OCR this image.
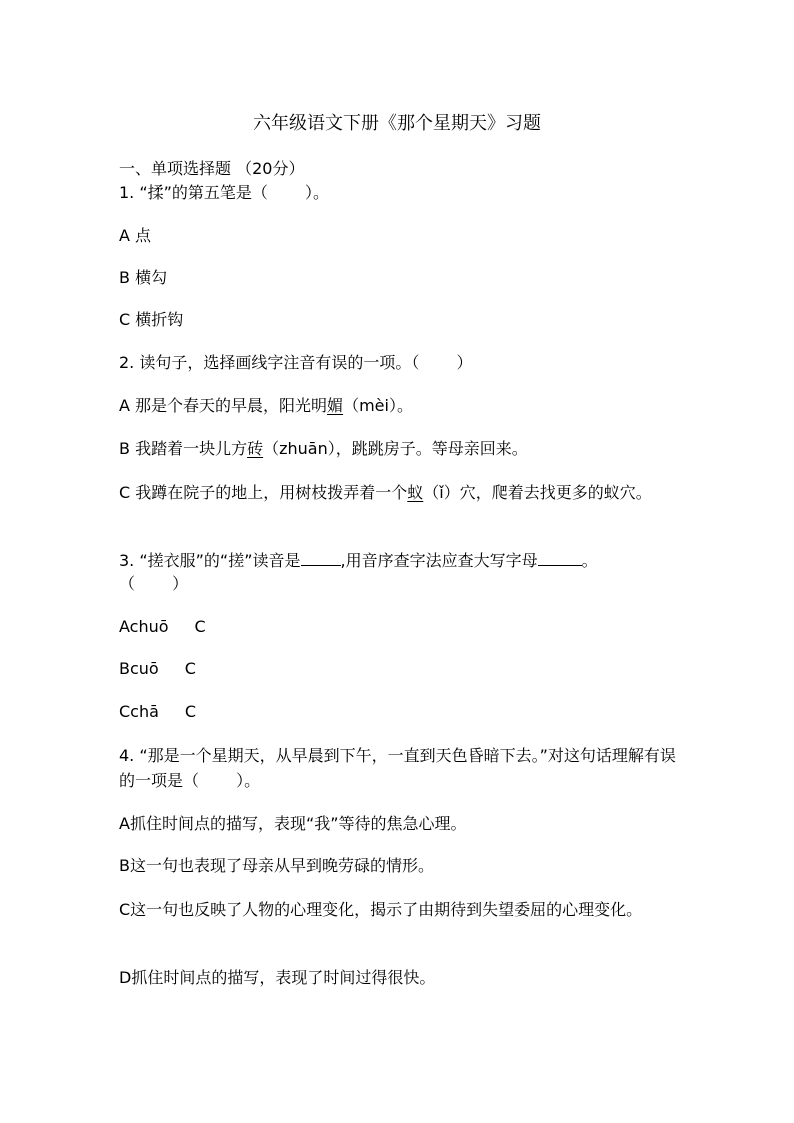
六年级语文下册《那个星期天》习题
一、单项选择题 （20分）
1. “揉”的第五笔是（　　 ）。
A 点
B 横勾
C 横折钩
2. 读句子，选择画线字注音有误的一项。（　　 ）
A 那是个春天的早晨，阳光明媚（mèi）。
B 我踏着一块儿方砖（zhuān），跳跳房子。等母亲回来。
C 我蹲在院子的地上，用树枝拨弄着一个蚁（ǐ）穴，爬着去找更多的蚁穴。
3. “搓衣服”的“搓”读音是	,用音序查字法应查大写字母	。
（　　 ）
Achuō C
Bcuō C
Cchā C
4. “那是一个星期天，从早晨到下午，一直到天色昏暗下去。”对这句话理解有误的一项是（　　 ）。
A抓住时间点的描写，表现“我”等待的焦急心理。
B这一句也表现了母亲从早到晚劳碌的情形。
C这一句也反映了人物的心理变化，揭示了由期待到失望委屈的心理变化。
D抓住时间点的描写，表现了时间过得很快。
